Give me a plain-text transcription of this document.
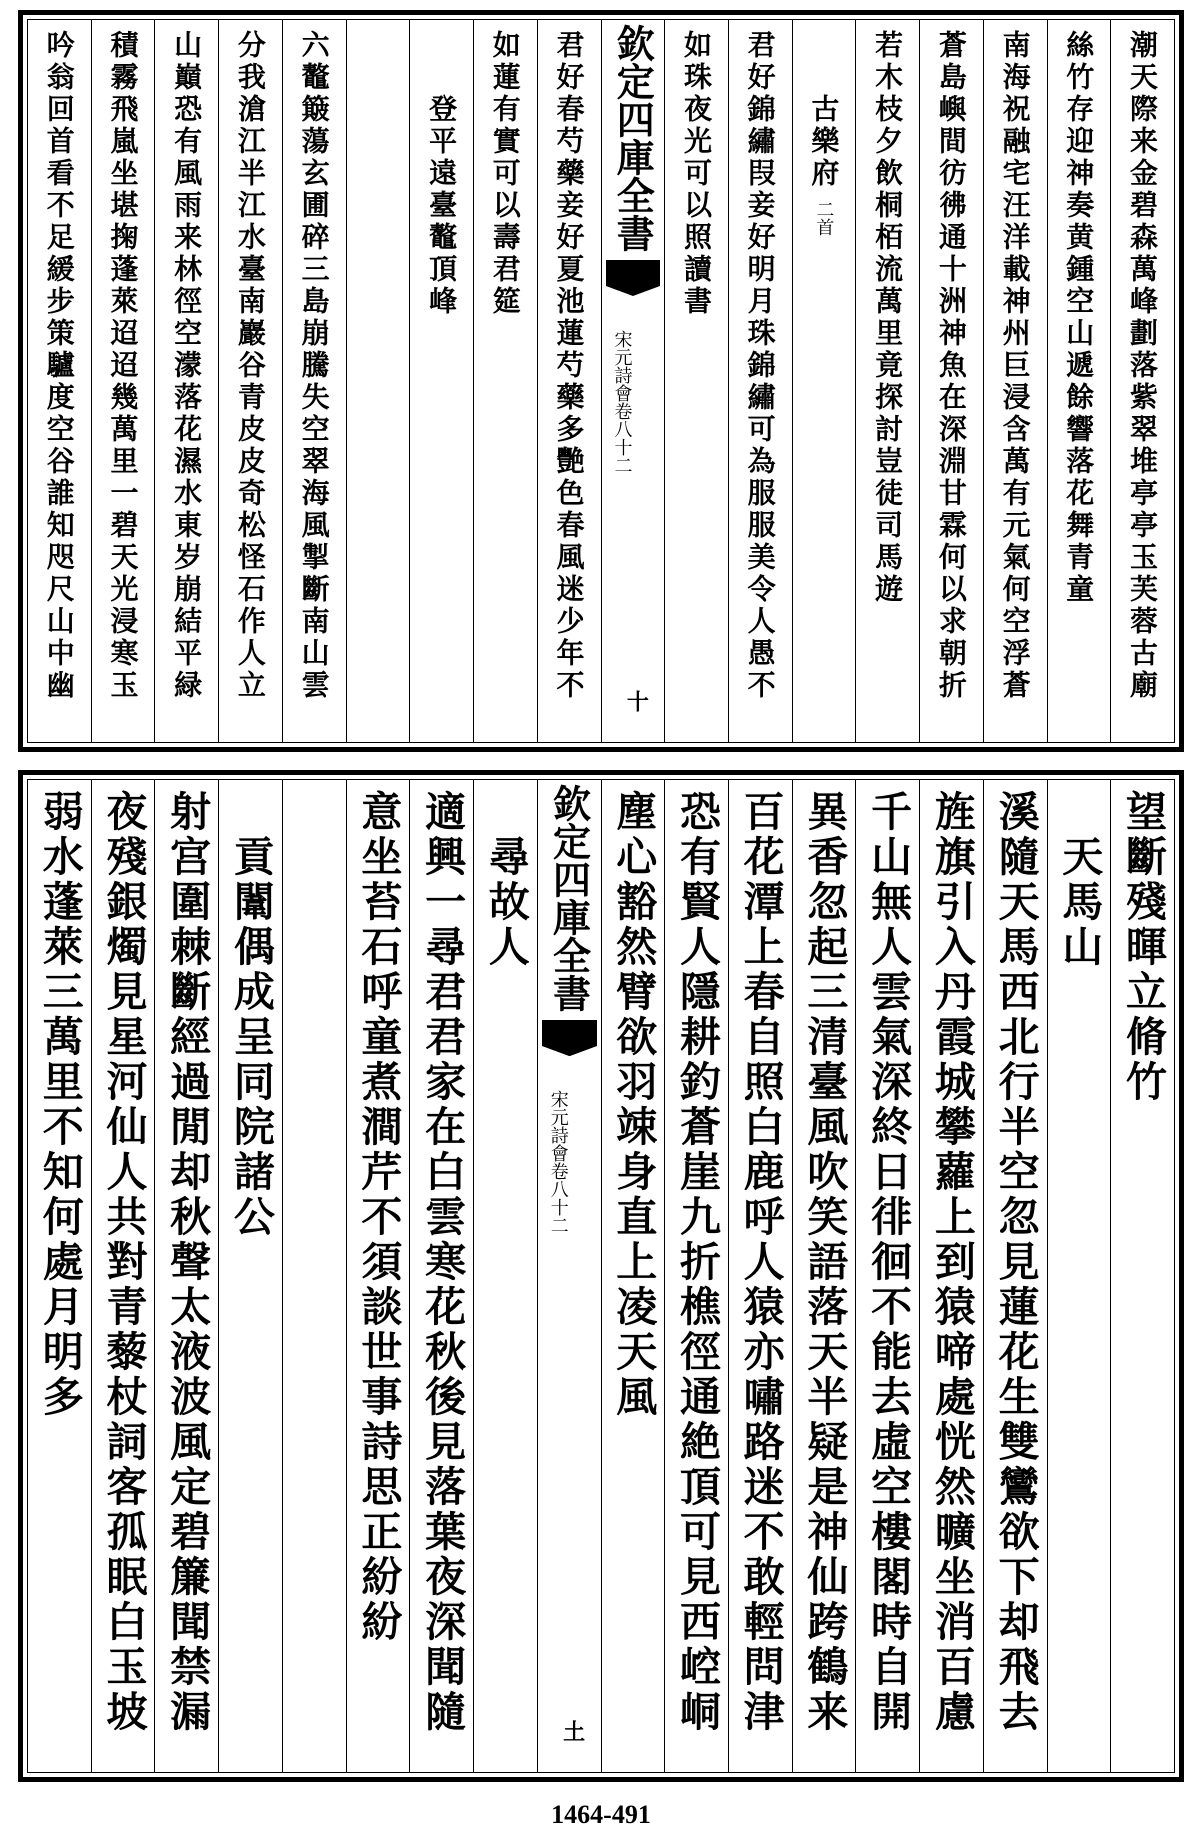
潮天際来金碧森萬峰劃落紫翠堆亭亭玉芙蓉古廟
絲竹存迎神奏黄鍾空山遞餘響落花舞青童
南海祝融宅汪洋載神州巨浸含萬有元氣何空浮蒼
蒼島嶼間彷彿通十洲神魚在深淵甘霖何以求朝折
若木枝夕飲桐栢流萬里竟探討豈徒司馬遊
古樂府
二首
君好錦繡叚妾好明月珠錦繡可為服服美令人愚不
如珠夜光可以照讀書
欽定四庫全書
宋元詩會卷八十二
十
君好春芍藥妾好夏池蓮芍藥多艷色春風迷少年不
如蓮有實可以壽君筵
登平遠臺鼇頂峰
六鼇簸蕩玄圃碎三島崩騰失空翠海風掣斷南山雲
分我滄江半江水臺南巖谷青皮皮奇松怪石作人立
山巔恐有風雨来林徑空濛落花濕水東岁崩結平緑
積霧飛嵐坐堪掬蓬萊迢迢幾萬里一碧天光浸寒玉
吟翁回首看不足緩步策驢度空谷誰知咫尺山中幽
望斷殘暉立脩竹
天馬山
溪隨天馬西北行半空忽見蓮花生雙鸞欲下却飛去
旌旗引入丹霞城攀蘿上到猿啼處恍然曠坐消百慮
千山無人雲氣深終日徘徊不能去虛空樓閣時自開
異香忽起三清臺風吹笑語落天半疑是神仙跨鶴来
百花潭上春自照白鹿呼人猿亦嘯路迷不敢輕問津
恐有賢人隱耕釣蒼崖九折樵徑通絶頂可見西崆峒
塵心豁然臂欲羽竦身直上凌天風
欽定四庫全書
宋元詩會卷八十二
土
尋故人
適興一尋君君家在白雲寒花秋後見落葉夜深聞隨
意坐苔石呼童煮澗芹不須談世事詩思正紛紛
貢闈偶成呈同院諸公
射宫圍棘斷經過閒却秋聲太液波風定碧簾聞禁漏
夜殘銀燭見星河仙人共對青藜杖詞客孤眠白玉坡
弱水蓬萊三萬里不知何處月明多
1464-491
